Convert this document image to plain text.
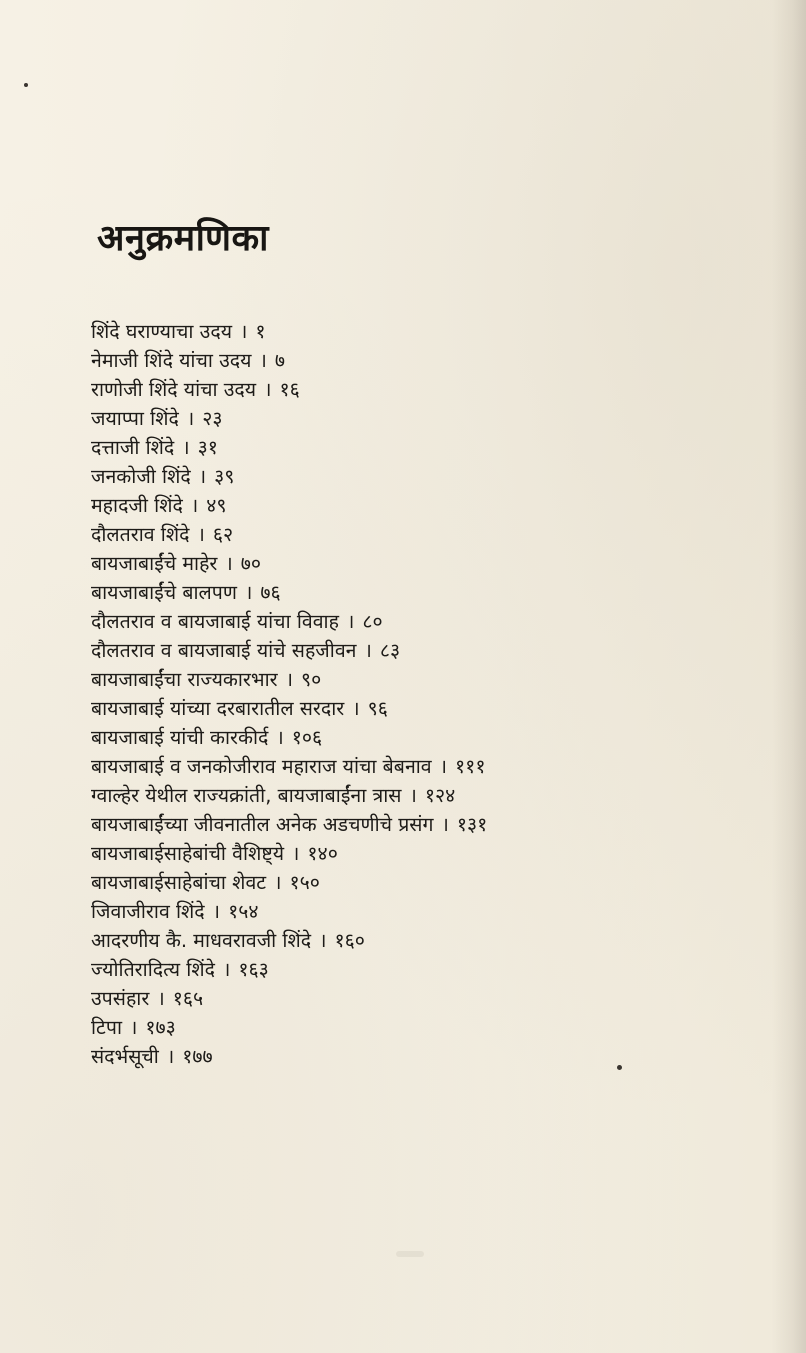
अनुक्रमणिका
शिंदे घराण्याचा उदय । १
नेमाजी शिंदे यांचा उदय । ७
राणोजी शिंदे यांचा उदय । १६
जयाप्पा शिंदे । २३
दत्ताजी शिंदे । ३१
जनकोजी शिंदे । ३९
महादजी शिंदे । ४९
दौलतराव शिंदे । ६२
बायजाबाईंचे माहेर । ७०
बायजाबाईंचे बालपण । ७६
दौलतराव व बायजाबाई यांचा विवाह । ८०
दौलतराव व बायजाबाई यांचे सहजीवन । ८३
बायजाबाईंचा राज्यकारभार । ९०
बायजाबाई यांच्या दरबारातील सरदार । ९६
बायजाबाई यांची कारकीर्द । १०६
बायजाबाई व जनकोजीराव महाराज यांचा बेबनाव । १११
ग्वाल्हेर येथील राज्यक्रांती, बायजाबाईंना त्रास । १२४
बायजाबाईंच्या जीवनातील अनेक अडचणीचे प्रसंग । १३१
बायजाबाईसाहेबांची वैशिष्ट्ये । १४०
बायजाबाईसाहेबांचा शेवट । १५०
जिवाजीराव शिंदे । १५४
आदरणीय कै. माधवरावजी शिंदे । १६०
ज्योतिरादित्य शिंदे । १६३
उपसंहार । १६५
टिपा । १७३
संदर्भसूची । १७७
